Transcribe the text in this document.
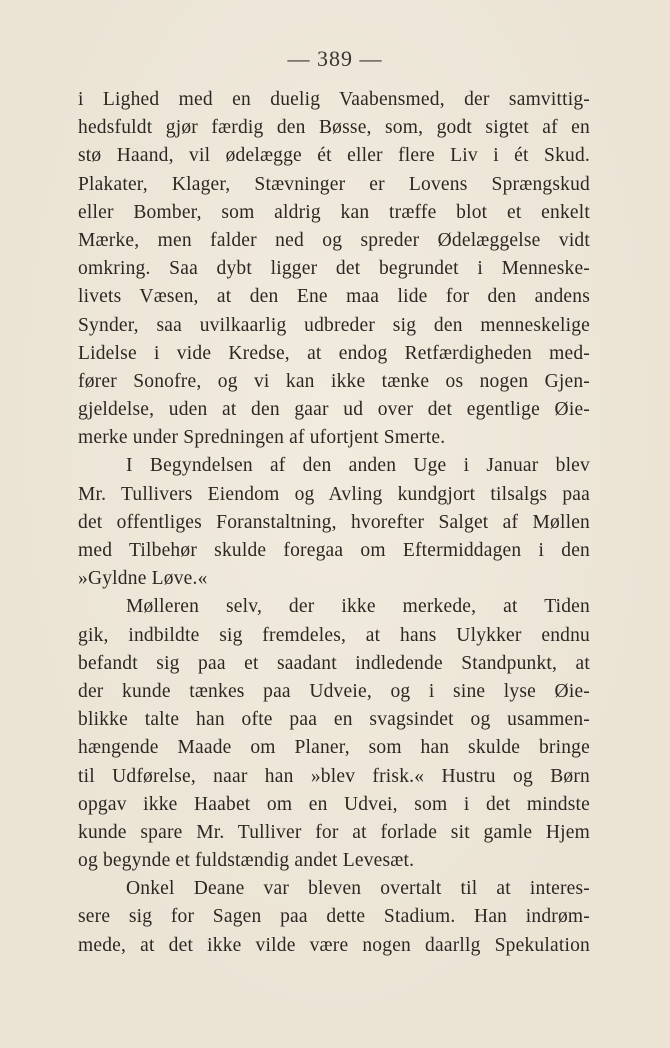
— 389 —
i Lighed med en duelig Vaabensmed, der samvittig-
hedsfuldt gjør færdig den Bøsse, som, godt sigtet af en
stø Haand, vil ødelægge ét eller flere Liv i ét Skud.
Plakater, Klager, Stævninger er Lovens Sprængskud
eller Bomber, som aldrig kan træffe blot et enkelt
Mærke, men falder ned og spreder Ødelæggelse vidt
omkring. Saa dybt ligger det begrundet i Menneske-
livets Væsen, at den Ene maa lide for den andens
Synder, saa uvilkaarlig udbreder sig den menneskelige
Lidelse i vide Kredse, at endog Retfærdigheden med-
fører Sonofre, og vi kan ikke tænke os nogen Gjen-
gjeldelse, uden at den gaar ud over det egentlige Øie-
merke under Spredningen af ufortjent Smerte.
I Begyndelsen af den anden Uge i Januar blev
Mr. Tullivers Eiendom og Avling kundgjort tilsalgs paa
det offentliges Foranstaltning, hvorefter Salget af Møllen
med Tilbehør skulde foregaa om Eftermiddagen i den
»Gyldne Løve.«
Mølleren selv, der ikke merkede, at Tiden
gik, indbildte sig fremdeles, at hans Ulykker endnu
befandt sig paa et saadant indledende Standpunkt, at
der kunde tænkes paa Udveie, og i sine lyse Øie-
blikke talte han ofte paa en svagsindet og usammen-
hængende Maade om Planer, som han skulde bringe
til Udførelse, naar han »blev frisk.« Hustru og Børn
opgav ikke Haabet om en Udvei, som i det mindste
kunde spare Mr. Tulliver for at forlade sit gamle Hjem
og begynde et fuldstændig andet Levesæt.
Onkel Deane var bleven overtalt til at interes-
sere sig for Sagen paa dette Stadium. Han indrøm-
mede, at det ikke vilde være nogen daarllg Spekulation
